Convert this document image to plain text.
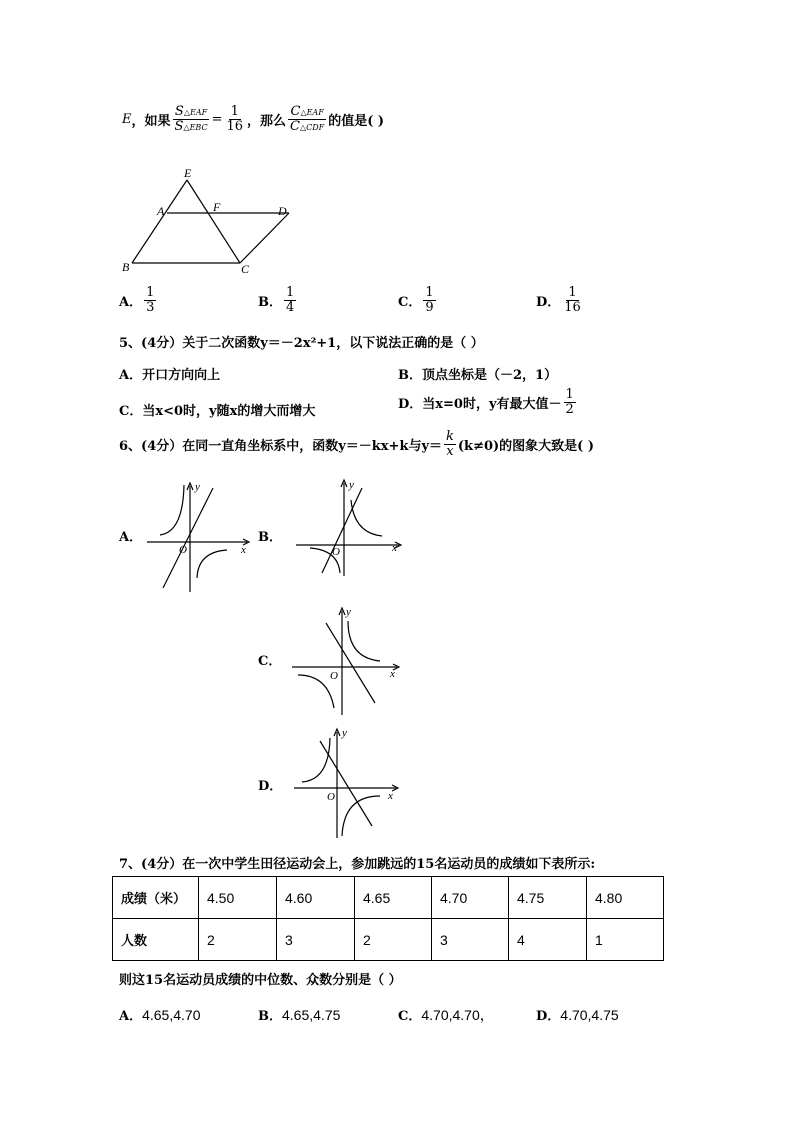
E ，如果 $\frac{\text{S△EAF}}{\text{S△EBC}} = \frac{1}{16}$ ，那么 $\frac{\text{C△EAF}}{\text{C△CDF}}$ 的值是( )
E
A	F	D
B	C
A． $\frac{1}{3}$	B． $\frac{1}{4}$	C． $\frac{1}{9}$	D． $\frac{1}{16}$
5、(4分）关于二次函数y＝－2x²+1，以下说法正确的是（ ）
A．开口方向向上	B．顶点坐标是（－2，1）
C．当x<0时，y随x的增大而增大	D．当x=0时，y有最大值－ $\frac{1}{2}$
6、(4分）在同一直角坐标系中，函数y＝－kx+k与$y= \frac{k}{x} (k\ne 0)$的图象大致是( )
A．
y
x
O
B．
y
x
O
C．
y
x
O
D．
y
x
O
7、(4分）在一次中学生田径运动会上，参加跳远的15名运动员的成绩如下表所示:
成绩（米）	4.50	4.60	4.65	4.70	4.75	4.80
人数	2	3	2	3	4	1
则这15名运动员成绩的中位数、众数分别是（ ）
A．4.65,4.70	B．4.65,4.75	C．4.70,4.70，	D．4.70,4.75
